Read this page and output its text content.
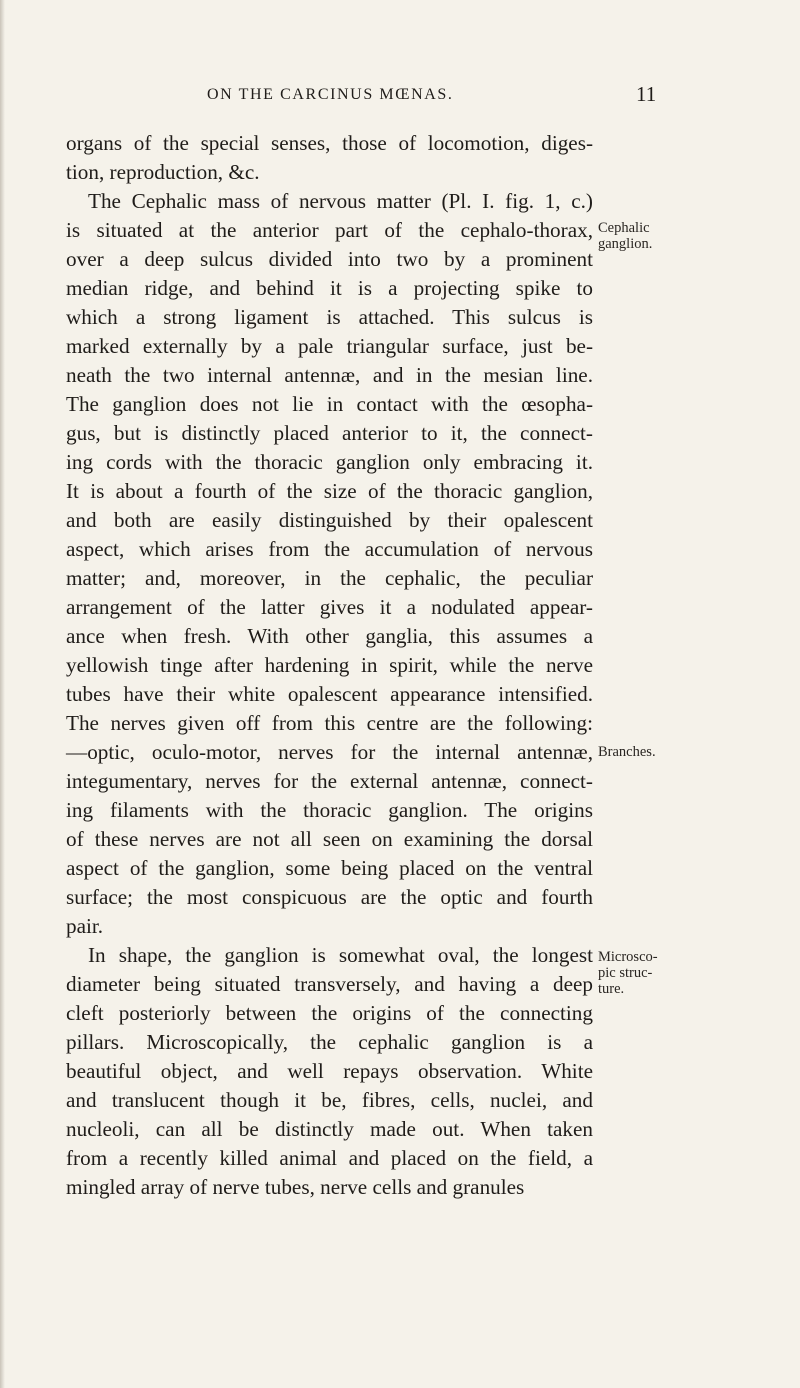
ON THE CARCINUS MŒNAS.	11
organs of the special senses, those of locomotion, diges-
tion, reproduction, &c.
The Cephalic mass of nervous matter (Pl. I. fig. 1, c.)
is situated at the anterior part of the cephalo-thorax,
over a deep sulcus divided into two by a prominent
median ridge, and behind it is a projecting spike to
which a strong ligament is attached. This sulcus is
marked externally by a pale triangular surface, just be-
neath the two internal antennæ, and in the mesian line.
The ganglion does not lie in contact with the œsopha-
gus, but is distinctly placed anterior to it, the connect-
ing cords with the thoracic ganglion only embracing it.
It is about a fourth of the size of the thoracic ganglion,
and both are easily distinguished by their opalescent
aspect, which arises from the accumulation of nervous
matter; and, moreover, in the cephalic, the peculiar
arrangement of the latter gives it a nodulated appear-
ance when fresh. With other ganglia, this assumes a
yellowish tinge after hardening in spirit, while the nerve
tubes have their white opalescent appearance intensified.
The nerves given off from this centre are the following:
—optic, oculo-motor, nerves for the internal antennæ,
integumentary, nerves for the external antennæ, connect-
ing filaments with the thoracic ganglion. The origins
of these nerves are not all seen on examining the dorsal
aspect of the ganglion, some being placed on the ventral
surface; the most conspicuous are the optic and fourth
pair.
In shape, the ganglion is somewhat oval, the longest
diameter being situated transversely, and having a deep
cleft posteriorly between the origins of the connecting
pillars. Microscopically, the cephalic ganglion is a
beautiful object, and well repays observation. White
and translucent though it be, fibres, cells, nuclei, and
nucleoli, can all be distinctly made out. When taken
from a recently killed animal and placed on the field, a
mingled array of nerve tubes, nerve cells and granules
Cephalic
ganglion.
Branches.
Microsco-
pic struc-
ture.
